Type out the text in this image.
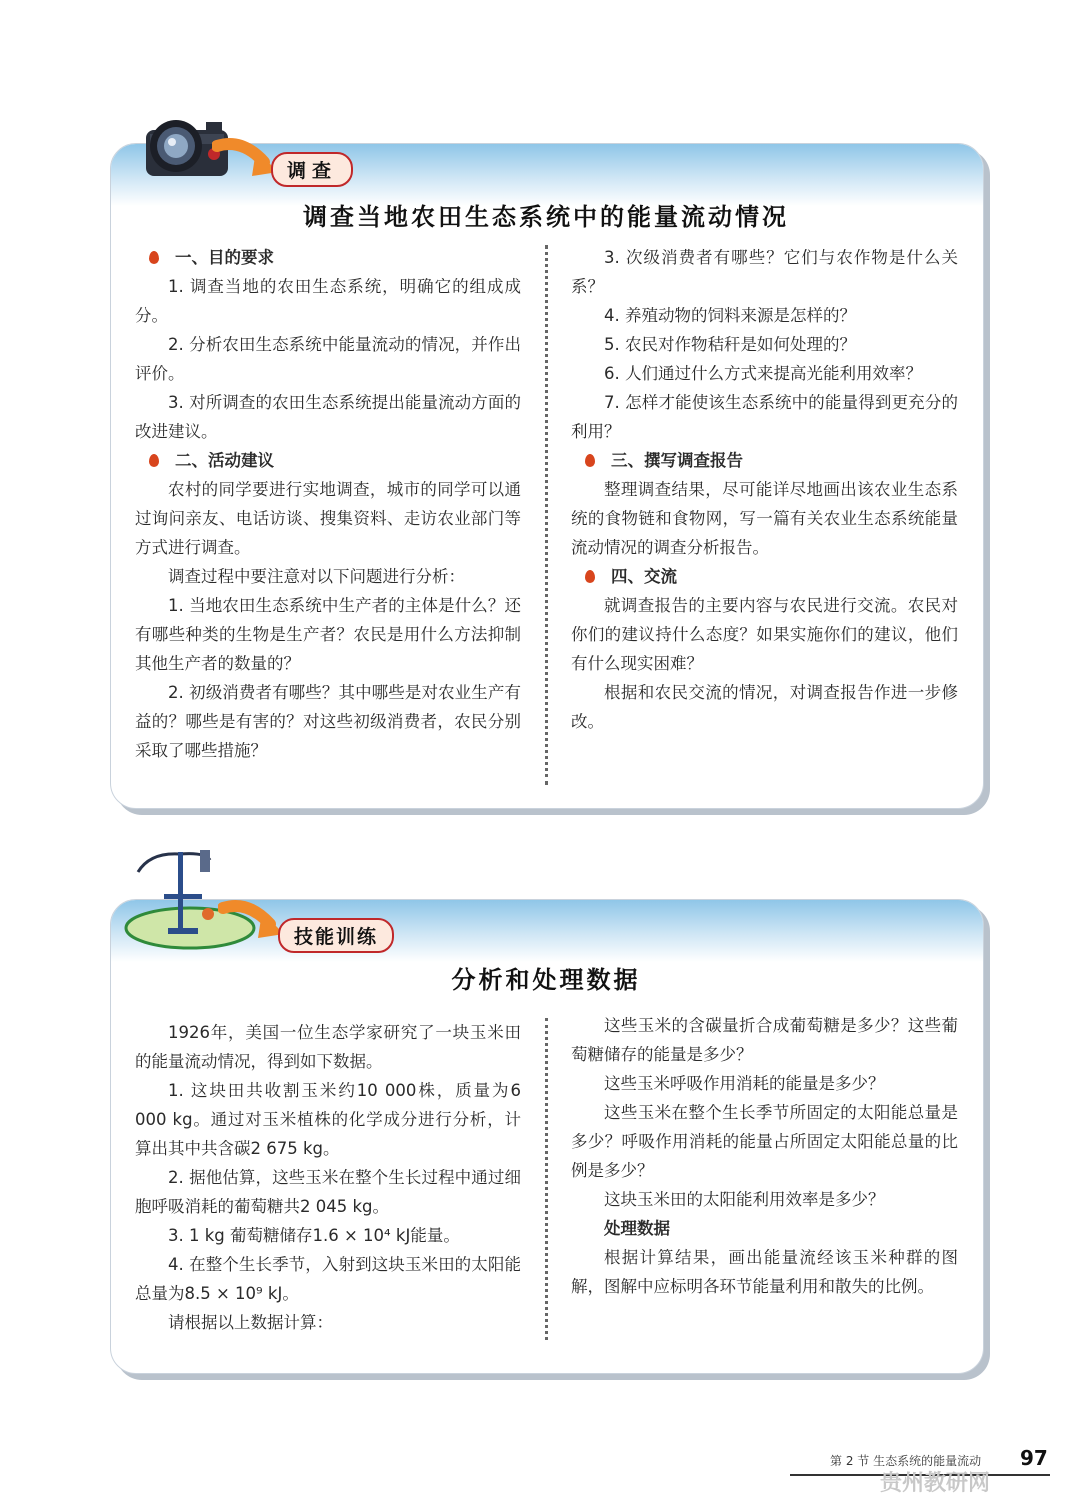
调查
调查当地农田生态系统中的能量流动情况

一、目的要求

1. 调查当地的农田生态系统，明确它的组成成分。

2. 分析农田生态系统中能量流动的情况，并作出评价。

3. 对所调查的农田生态系统提出能量流动方面的改进建议。

二、活动建议

农村的同学要进行实地调查，城市的同学可以通过询问亲友、电话访谈、搜集资料、走访农业部门等方式进行调查。

调查过程中要注意对以下问题进行分析：

1. 当地农田生态系统中生产者的主体是什么？还有哪些种类的生物是生产者？农民是用什么方法抑制其他生产者的数量的？

2. 初级消费者有哪些？其中哪些是对农业生产有益的？哪些是有害的？对这些初级消费者，农民分别采取了哪些措施？

3. 次级消费者有哪些？它们与农作物是什么关系？

4. 养殖动物的饲料来源是怎样的？

5. 农民对作物秸秆是如何处理的？

6. 人们通过什么方式来提高光能利用效率？

7. 怎样才能使该生态系统中的能量得到更充分的利用？

三、撰写调查报告

整理调查结果，尽可能详尽地画出该农业生态系统的食物链和食物网，写一篇有关农业生态系统能量流动情况的调查分析报告。

四、交流

就调查报告的主要内容与农民进行交流。农民对你们的建议持什么态度？如果实施你们的建议，他们有什么现实困难？

根据和农民交流的情况，对调查报告作进一步修改。

技能训练
分析和处理数据

1926年，美国一位生态学家研究了一块玉米田的能量流动情况，得到如下数据。

1. 这块田共收割玉米约10 000株，质量为6 000 kg。通过对玉米植株的化学成分进行分析，计算出其中共含碳2 675 kg。

2. 据他估算，这些玉米在整个生长过程中通过细胞呼吸消耗的葡萄糖共2 045 kg。

3. 1 kg 葡萄糖储存1.6 × 10⁴ kJ能量。

4. 在整个生长季节，入射到这块玉米田的太阳能总量为8.5 × 10⁹ kJ。

请根据以上数据计算：

这些玉米的含碳量折合成葡萄糖是多少？这些葡萄糖储存的能量是多少？

这些玉米呼吸作用消耗的能量是多少？

这些玉米在整个生长季节所固定的太阳能总量是多少？呼吸作用消耗的能量占所固定太阳能总量的比例是多少？

这块玉米田的太阳能利用效率是多少？

处理数据

根据计算结果，画出能量流经该玉米种群的图解，图解中应标明各环节能量利用和散失的比例。

第 2 节 生态系统的能量流动 97
贵州教研网
